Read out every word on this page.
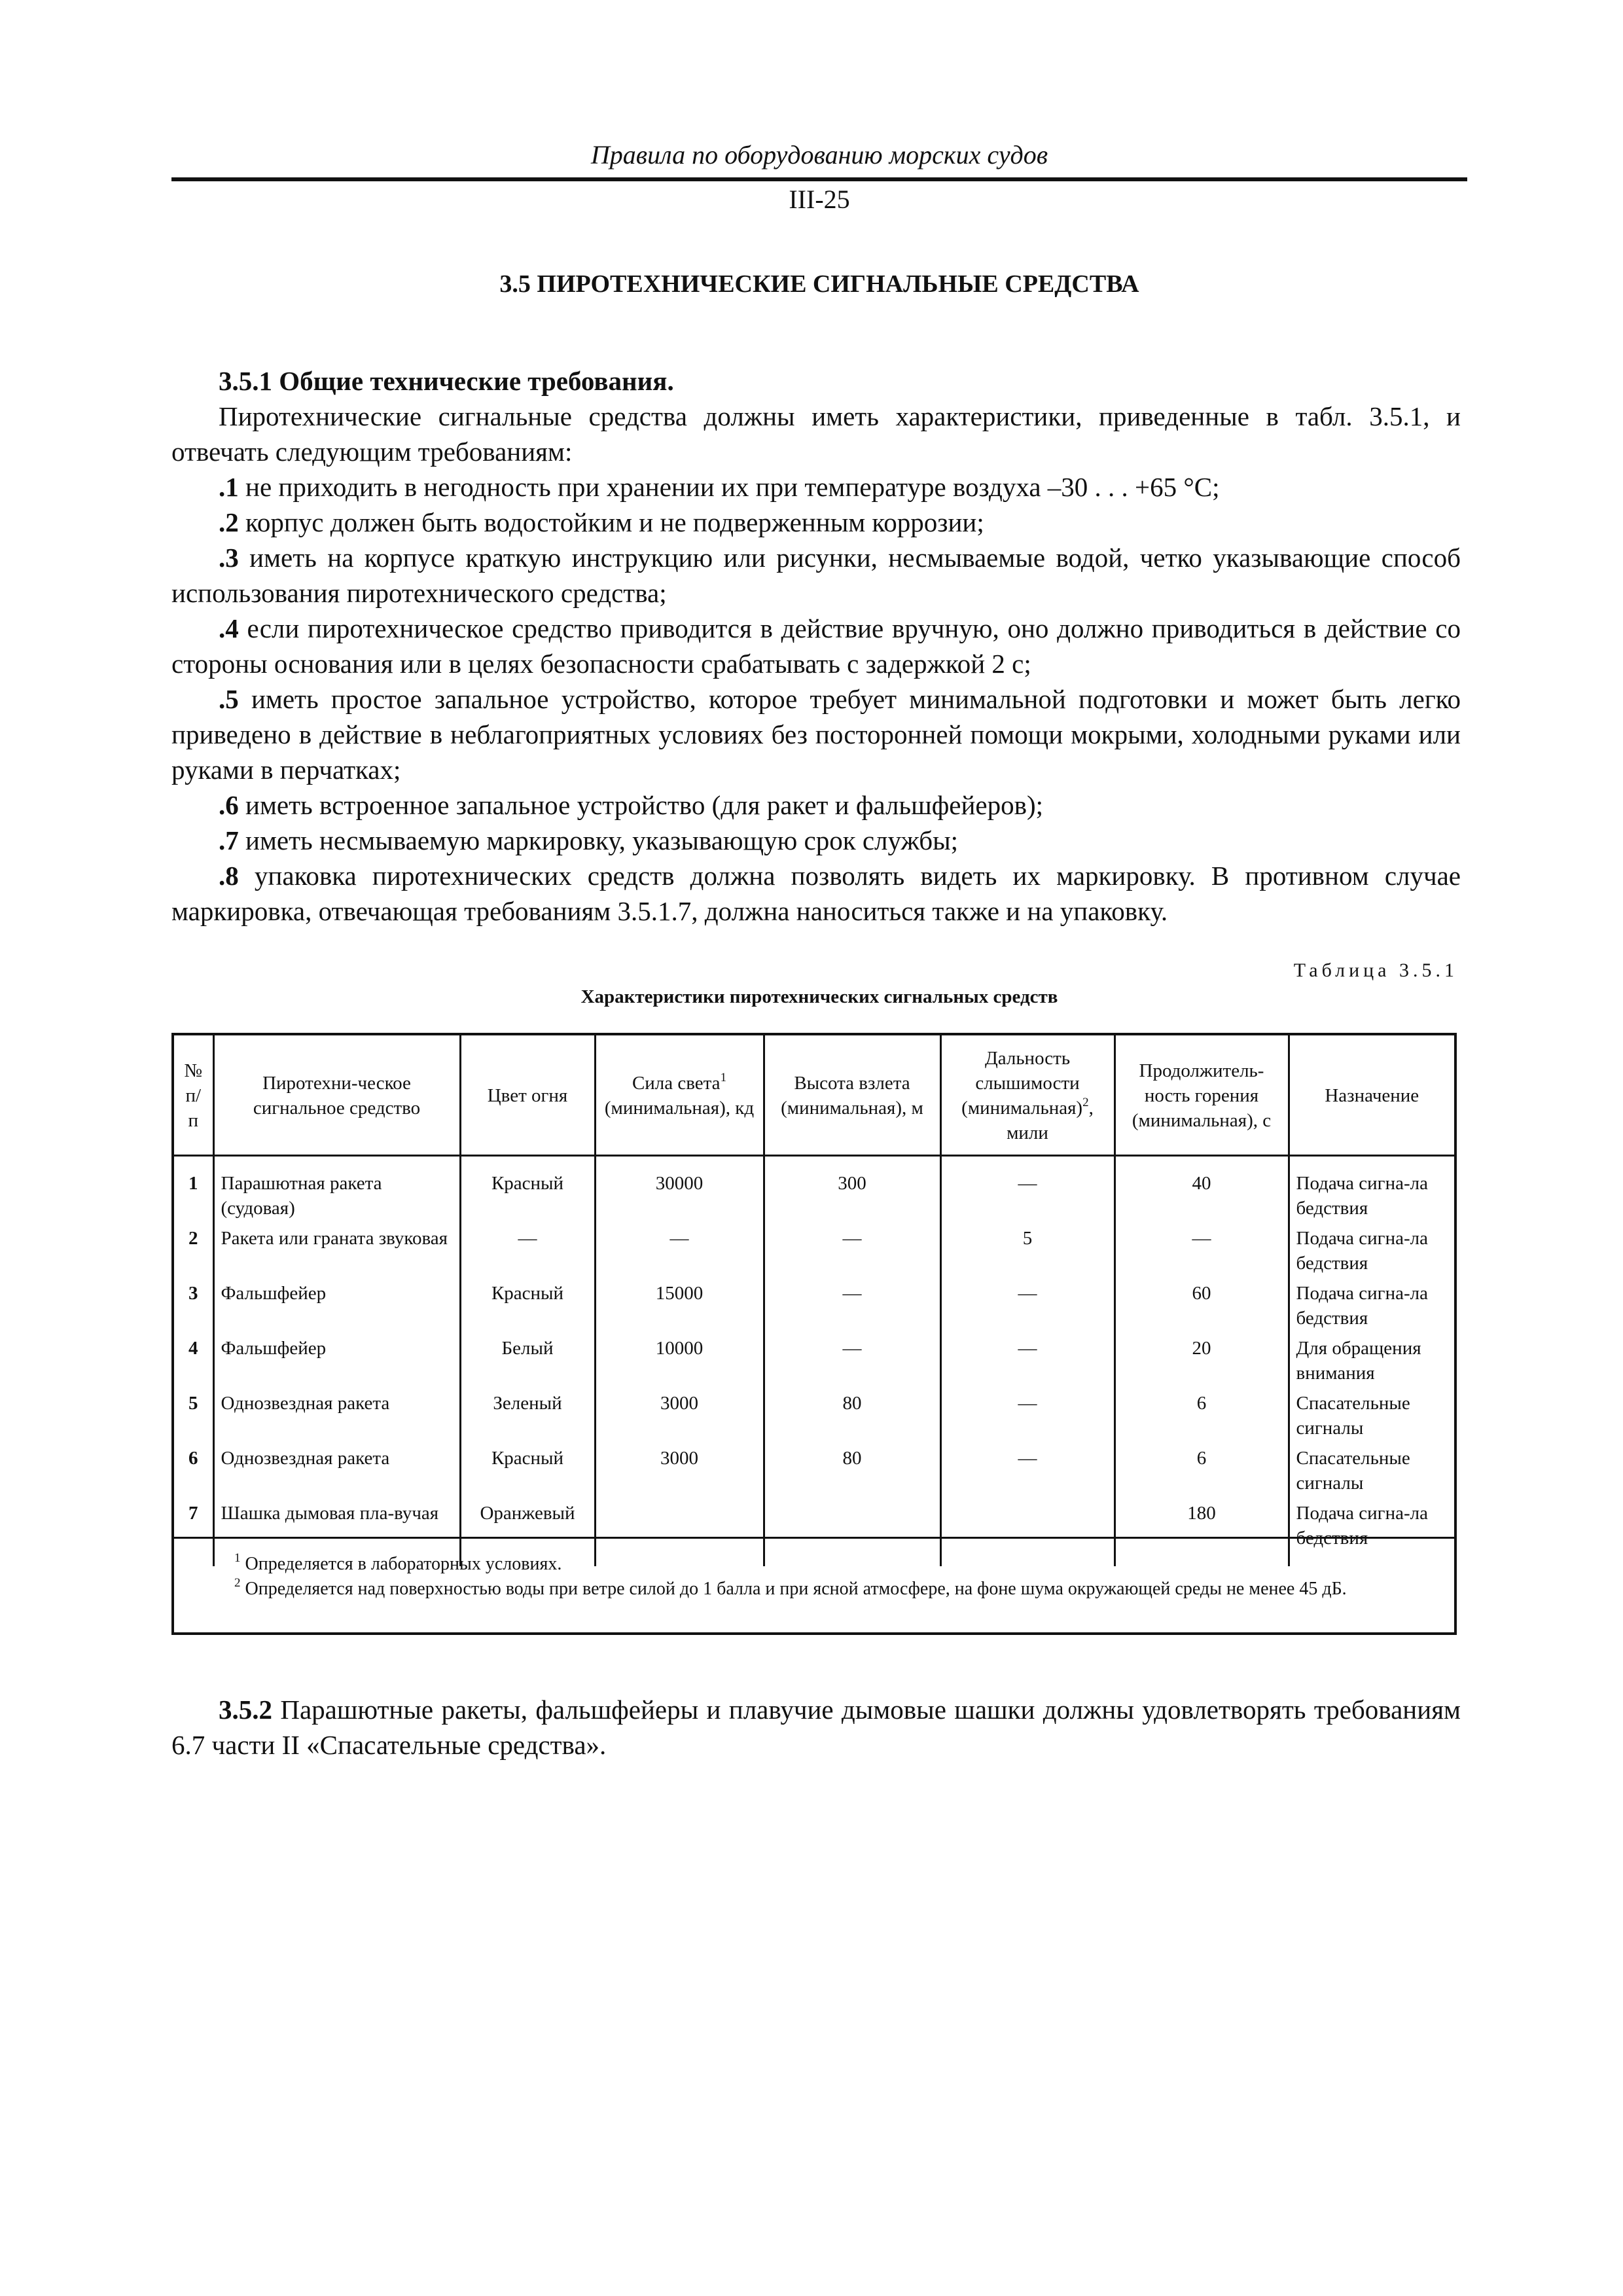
Правила по оборудованию морских судов
III-25
3.5 ПИРОТЕХНИЧЕСКИЕ СИГНАЛЬНЫЕ СРЕДСТВА

3.5.1 Общие технические требования.

Пиротехнические сигнальные средства должны иметь характеристики, приведенные в табл. 3.5.1, и отвечать следующим требованиям:

.1 не приходить в негодность при хранении их при температуре воздуха –30 . . . +65 °С;

.2 корпус должен быть водостойким и не подверженным коррозии;

.3 иметь на корпусе краткую инструкцию или рисунки, несмываемые водой, четко указывающие способ использования пиротехнического средства;

.4 если пиротехническое средство приводится в действие вручную, оно должно приводиться в действие со стороны основания или в целях безопасности срабатывать с задержкой 2 с;

.5 иметь простое запальное устройство, которое требует минимальной подготовки и может быть легко приведено в действие в неблагоприятных условиях без посторонней помощи мокрыми, холодными руками или руками в перчатках;

.6 иметь встроенное запальное устройство (для ракет и фальшфейеров);

.7 иметь несмываемую маркировку, указывающую срок службы;

.8 упаковка пиротехнических средств должна позволять видеть их маркировку. В противном случае маркировка, отвечающая требованиям 3.5.1.7, должна наноситься также и на упаковку.

Таблица 3.5.1
Характеристики пиротехнических сигнальных средств
№ п/п	Пиротехни-ческое сигнальное средство	Цвет огня	Сила света$^1$ (минимальная), кд	Высота взлета (минимальная), м	Дальность слышимости (минимальная)$^2$, мили	Продолжитель-ность горения (минимальная), с	Назначение
1	Парашютная ракета (судовая)	Красный	30000	300	—	40	Подача сигна-ла бедствия
2	Ракета или граната звуковая	—	—	—	5	—	Подача сигна-ла бедствия
3	Фальшфейер	Красный	15000	—	—	60	Подача сигна-ла бедствия
4	Фальшфейер	Белый	10000	—	—	20	Для обращения внимания
5	Однозвездная ракета	Зеленый	3000	80	—	6	Спасательные сигналы
6	Однозвездная ракета	Красный	3000	80	—	6	Спасательные сигналы
7	Шашка дымовая пла-вучая	Оранжевый				180	Подача сигна-ла бедствия

$^1$ Определяется в лабораторных условиях.

$^2$ Определяется над поверхностью воды при ветре силой до 1 балла и при ясной атмосфере, на фоне шума окружающей среды не менее 45 дБ.

3.5.2 Парашютные ракеты, фальшфейеры и плавучие дымовые шашки должны удовлетворять требованиям 6.7 части II «Спасательные средства».
